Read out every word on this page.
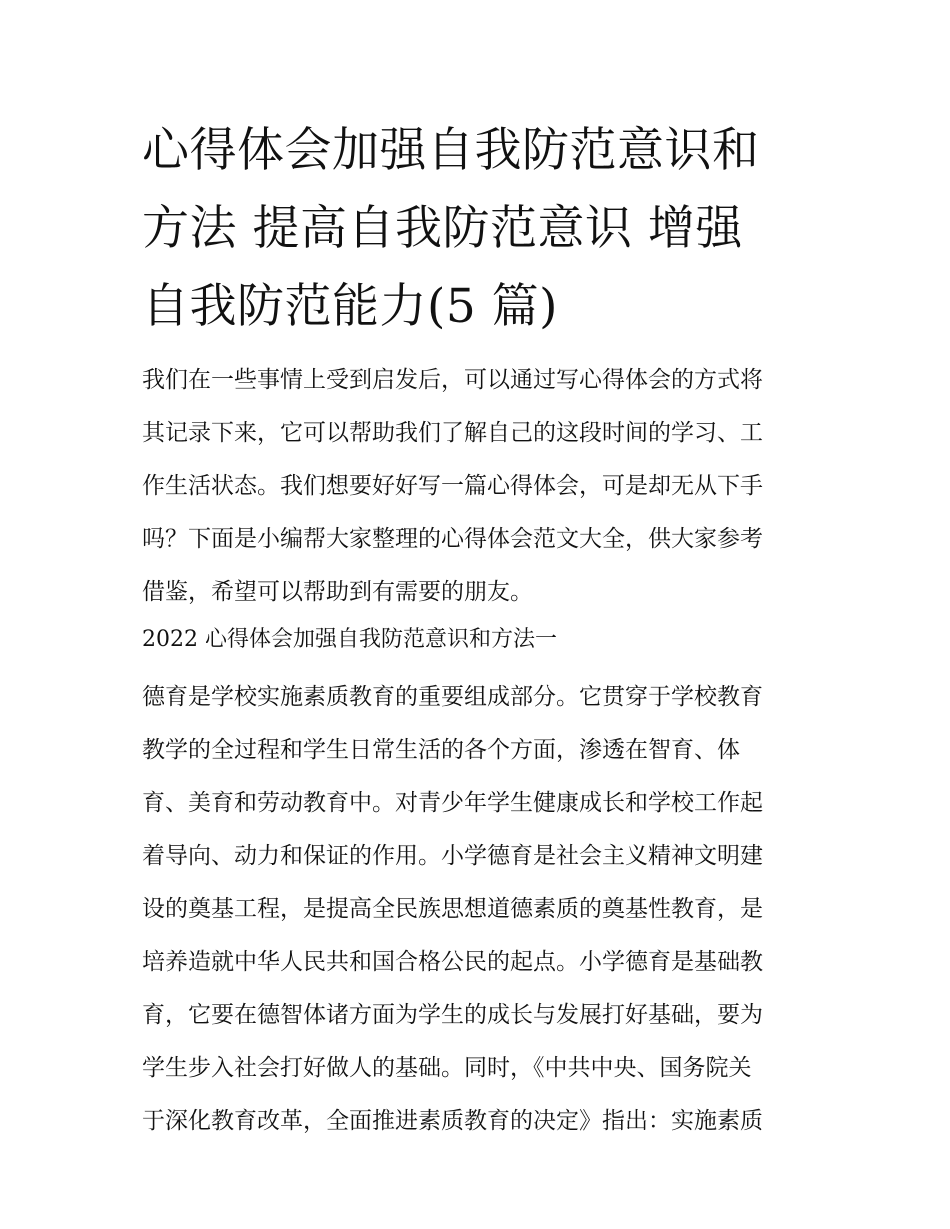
心得体会加强自我防范意识和
方法 提高自我防范意识 增强
自我防范能力(5 篇)
我们在一些事情上受到启发后，可以通过写心得体会的方式将
其记录下来，它可以帮助我们了解自己的这段时间的学习、工
作生活状态。我们想要好好写一篇心得体会，可是却无从下手
吗？下面是小编帮大家整理的心得体会范文大全，供大家参考
借鉴，希望可以帮助到有需要的朋友。
2022 心得体会加强自我防范意识和方法一
德育是学校实施素质教育的重要组成部分。它贯穿于学校教育
教学的全过程和学生日常生活的各个方面，渗透在智育、体
育、美育和劳动教育中。对青少年学生健康成长和学校工作起
着导向、动力和保证的作用。小学德育是社会主义精神文明建
设的奠基工程，是提高全民族思想道德素质的奠基性教育，是
培养造就中华人民共和国合格公民的起点。小学德育是基础教
育，它要在德智体诸方面为学生的成长与发展打好基础，要为
学生步入社会打好做人的基础。同时，《中共中央、国务院关
于深化教育改革，全面推进素质教育的决定》指出：实施素质
